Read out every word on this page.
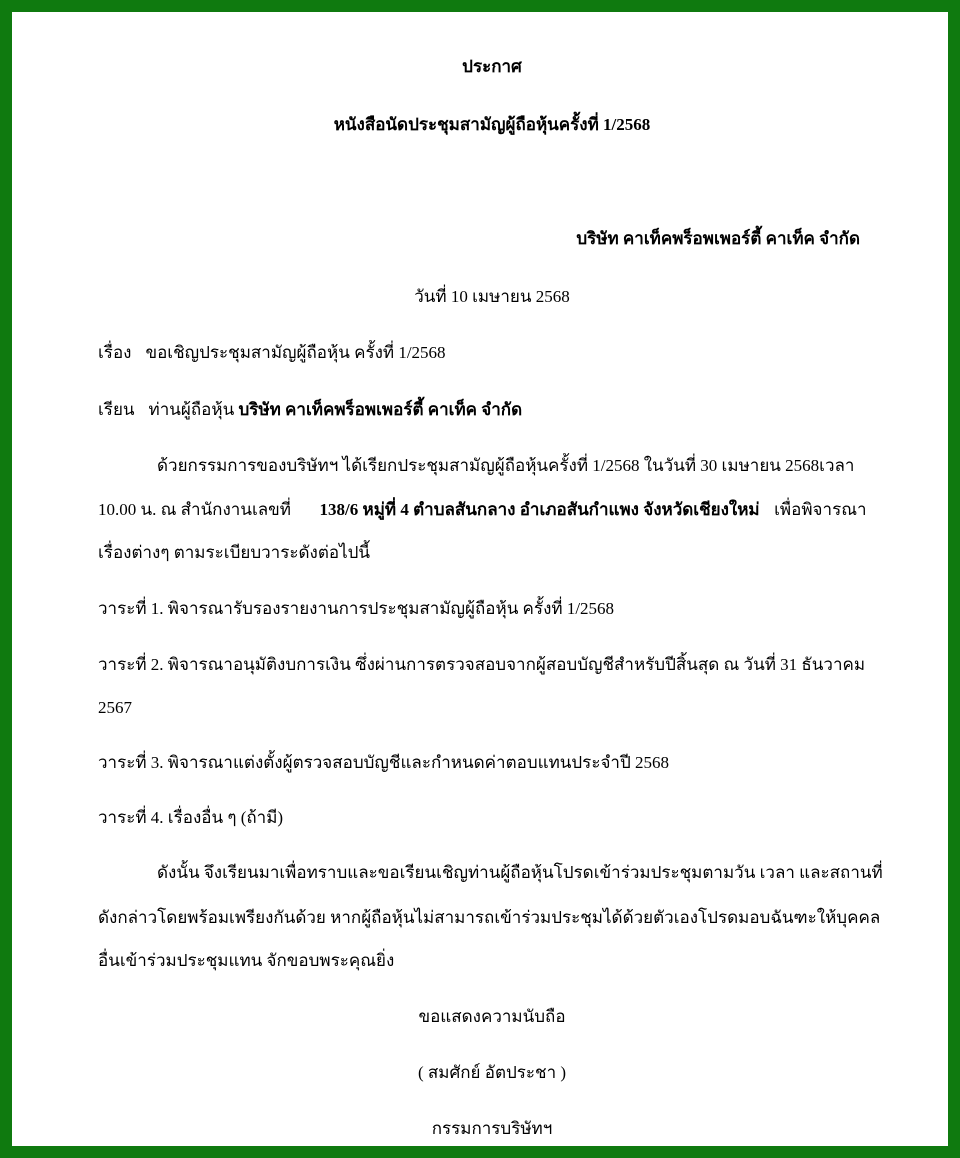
ประกาศ
หนังสือนัดประชุมสามัญผู้ถือหุ้นครั้งที่ 1/2568
บริษัท คาเท็คพร็อพเพอร์ตี้ คาเท็ค จำกัด
วันที่ 10 เมษายน 2568
เรื่อง ขอเชิญประชุมสามัญผู้ถือหุ้น ครั้งที่ 1/2568
เรียน ท่านผู้ถือหุ้น บริษัท คาเท็คพร็อพเพอร์ตี้ คาเท็ค จำกัด
ด้วยกรรมการของบริษัทฯ ได้เรียกประชุมสามัญผู้ถือหุ้นครั้งที่ 1/2568 ในวันที่ 30 เมษายน 2568เวลา
10.00 น. ณ สำนักงานเลขที่ 138/6 หมู่ที่ 4 ตำบลสันกลาง อำเภอสันกำแพง จังหวัดเชียงใหม่ เพื่อพิจารณา
เรื่องต่างๆ ตามระเบียบวาระดังต่อไปนี้
วาระที่ 1. พิจารณารับรองรายงานการประชุมสามัญผู้ถือหุ้น ครั้งที่ 1/2568
วาระที่ 2. พิจารณาอนุมัติงบการเงิน ซึ่งผ่านการตรวจสอบจากผู้สอบบัญชีสำหรับปีสิ้นสุด ณ วันที่ 31 ธันวาคม
2567
วาระที่ 3. พิจารณาแต่งตั้งผู้ตรวจสอบบัญชีและกำหนดค่าตอบแทนประจำปี 2568
วาระที่ 4. เรื่องอื่น ๆ (ถ้ามี)
ดังนั้น จึงเรียนมาเพื่อทราบและขอเรียนเชิญท่านผู้ถือหุ้นโปรดเข้าร่วมประชุมตามวัน เวลา และสถานที่
ดังกล่าวโดยพร้อมเพรียงกันด้วย หากผู้ถือหุ้นไม่สามารถเข้าร่วมประชุมได้ด้วยตัวเองโปรดมอบฉันฑะให้บุคคล
อื่นเข้าร่วมประชุมแทน จักขอบพระคุณยิ่ง
ขอแสดงความนับถือ
( สมศักย์ อัตประชา )
กรรมการบริษัทฯ
